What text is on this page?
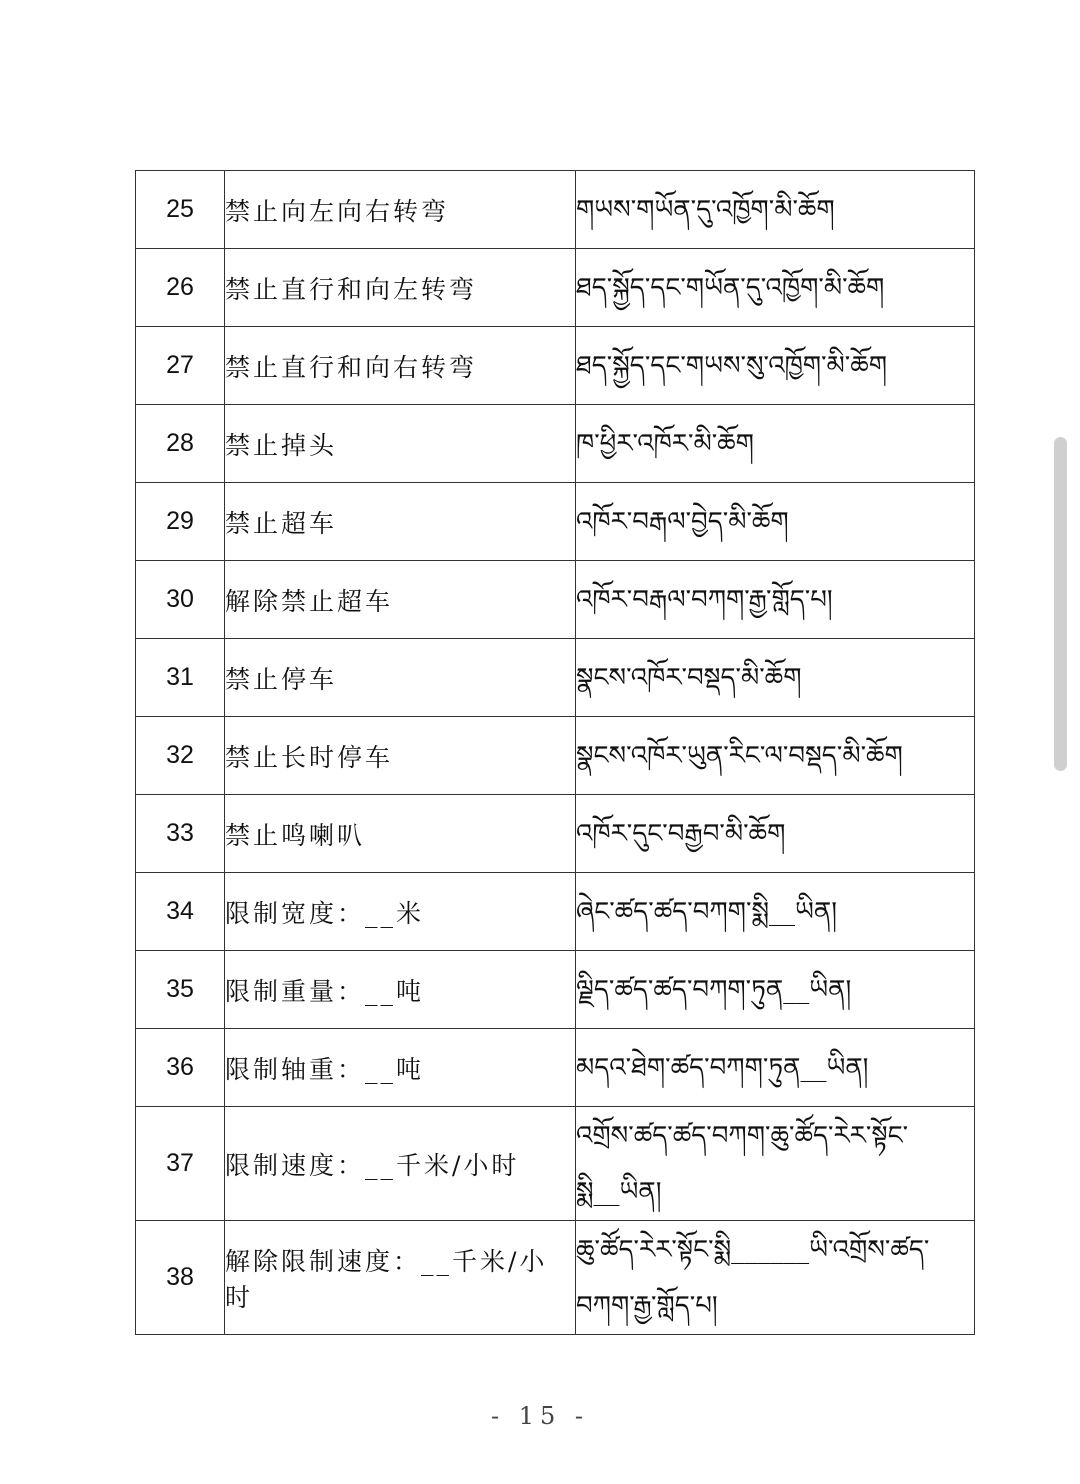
25	禁止向左向右转弯	གཡས་གཡོན་དུ་འཁྱོག་མི་ཆོག
26	禁止直行和向左转弯	ཐད་སྐྱོད་དང་གཡོན་དུ་འཁྱོག་མི་ཆོག
27	禁止直行和向右转弯	ཐད་སྐྱོད་དང་གཡས་སུ་འཁྱོག་མི་ཆོག
28	禁止掉头	ཁ་ཕྱིར་འཁོར་མི་ཆོག
29	禁止超车	འཁོར་བརྒལ་བྱེད་མི་ཆོག
30	解除禁止超车	འཁོར་བརྒལ་བཀག་རྒྱ་གློད་པ།
31	禁止停车	སྣངས་འཁོར་བསྡད་མི་ཆོག
32	禁止长时停车	སྣངས་འཁོར་ཡུན་རིང་ལ་བསྡད་མི་ཆོག
33	禁止鸣喇叭	འཁོར་དུང་བརྒྱབ་མི་ཆོག
34	限制宽度：__米	ཞེང་ཚད་ཚད་བཀག་སྨི__ཡིན།
35	限制重量：__吨	ལྗིད་ཚད་ཚད་བཀག་ཏུན__ཡིན།
36	限制轴重：__吨	མདའ་ཐེག་ཚད་བཀག་ཏུན__ཡིན།
37	限制速度：__千米/小时	འགྲོས་ཚད་ཚད་བཀག་ཆུ་ཚོད་རེར་སྟོང་སྨི__ཡིན།
38	解除限制速度：__千米/小时	ཆུ་ཚོད་རེར་སྟོང་སྨི______ཡི་འགྲོས་ཚད་བཀག་རྒྱ་གློད་པ།
- 15 -
